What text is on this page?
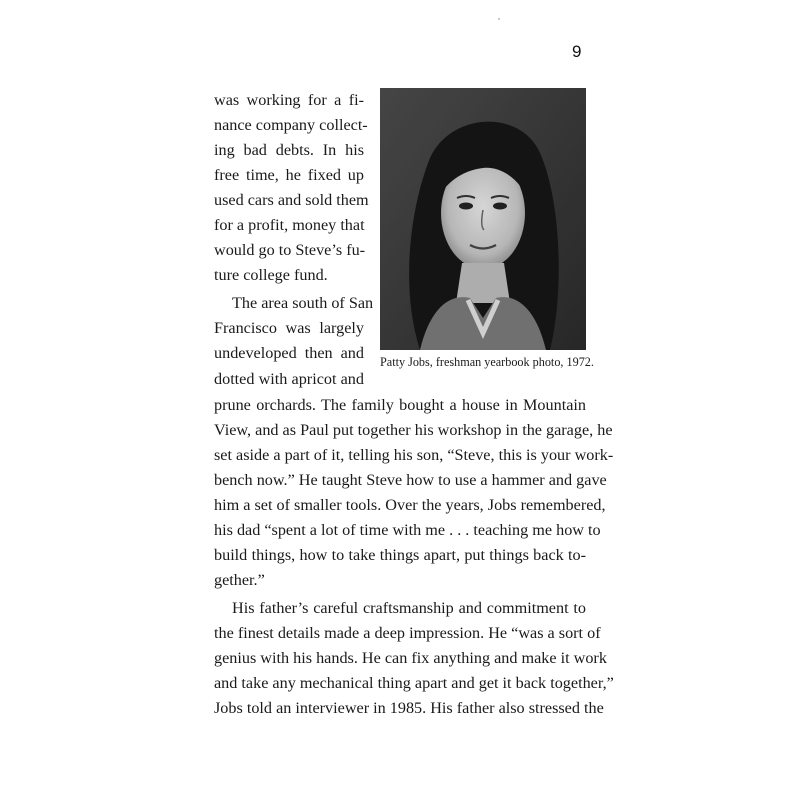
9
Patty Jobs, freshman yearbook photo, 1972.
was working for a fi-
nance company collect-
ing bad debts. In his
free time, he fixed up
used cars and sold them
for a profit, money that
would go to Steve’s fu-
ture college fund.
The area south of San
Francisco was largely
undeveloped then and
dotted with apricot and
prune orchards. The family bought a house in Mountain
View, and as Paul put together his workshop in the garage, he
set aside a part of it, telling his son, “Steve, this is your work-
bench now.” He taught Steve how to use a hammer and gave
him a set of smaller tools. Over the years, Jobs remembered,
his dad “spent a lot of time with me . . . teaching me how to
build things, how to take things apart, put things back to-
gether.”
His father’s careful craftsmanship and commitment to
the finest details made a deep impression. He “was a sort of
genius with his hands. He can fix anything and make it work
and take any mechanical thing apart and get it back together,”
Jobs told an interviewer in 1985. His father also stressed the
